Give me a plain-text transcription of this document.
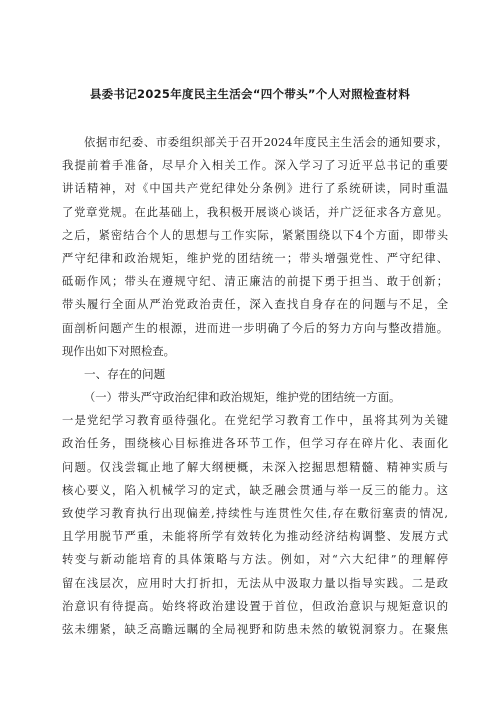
县委书记2025年度民主生活会“四个带头”个人对照检查材料
依据市纪委、市委组织部关于召开2024年度民主生活会的通知要求，
我提前着手准备，尽早介入相关工作。深入学习了习近平总书记的重要
讲话精神，对《中国共产党纪律处分条例》进行了系统研读，同时重温
了党章党规。在此基础上，我积极开展谈心谈话，并广泛征求各方意见。
之后，紧密结合个人的思想与工作实际，紧紧围绕以下4个方面，即带头
严守纪律和政治规矩，维护党的团结统一；带头增强党性、严守纪律、
砥砺作风；带头在遵规守纪、清正廉洁的前提下勇于担当、敢于创新；
带头履行全面从严治党政治责任，深入查找自身存在的问题与不足，全
面剖析问题产生的根源，进而进一步明确了今后的努力方向与整改措施。
现作出如下对照检查。
一、存在的问题
（一）带头严守政治纪律和政治规矩，维护党的团结统一方面。
一是党纪学习教育亟待强化。在党纪学习教育工作中，虽将其列为关键
政治任务，围绕核心目标推进各环节工作，但学习存在碎片化、表面化
问题。仅浅尝辄止地了解大纲梗概，未深入挖掘思想精髓、精神实质与
核心要义，陷入机械学习的定式，缺乏融会贯通与举一反三的能力。这
致使学习教育执行出现偏差,持续性与连贯性欠佳,存在敷衍塞责的情况,
且学用脱节严重，未能将所学有效转化为推动经济结构调整、发展方式
转变与新动能培育的具体策略与方法。例如，对“六大纪律”的理解停
留在浅层次，应用时大打折扣，无法从中汲取力量以指导实践。二是政
治意识有待提高。始终将政治建设置于首位，但政治意识与规矩意识的
弦未绷紧，缺乏高瞻远瞩的全局视野和防患未然的敏锐洞察力。在聚焦
